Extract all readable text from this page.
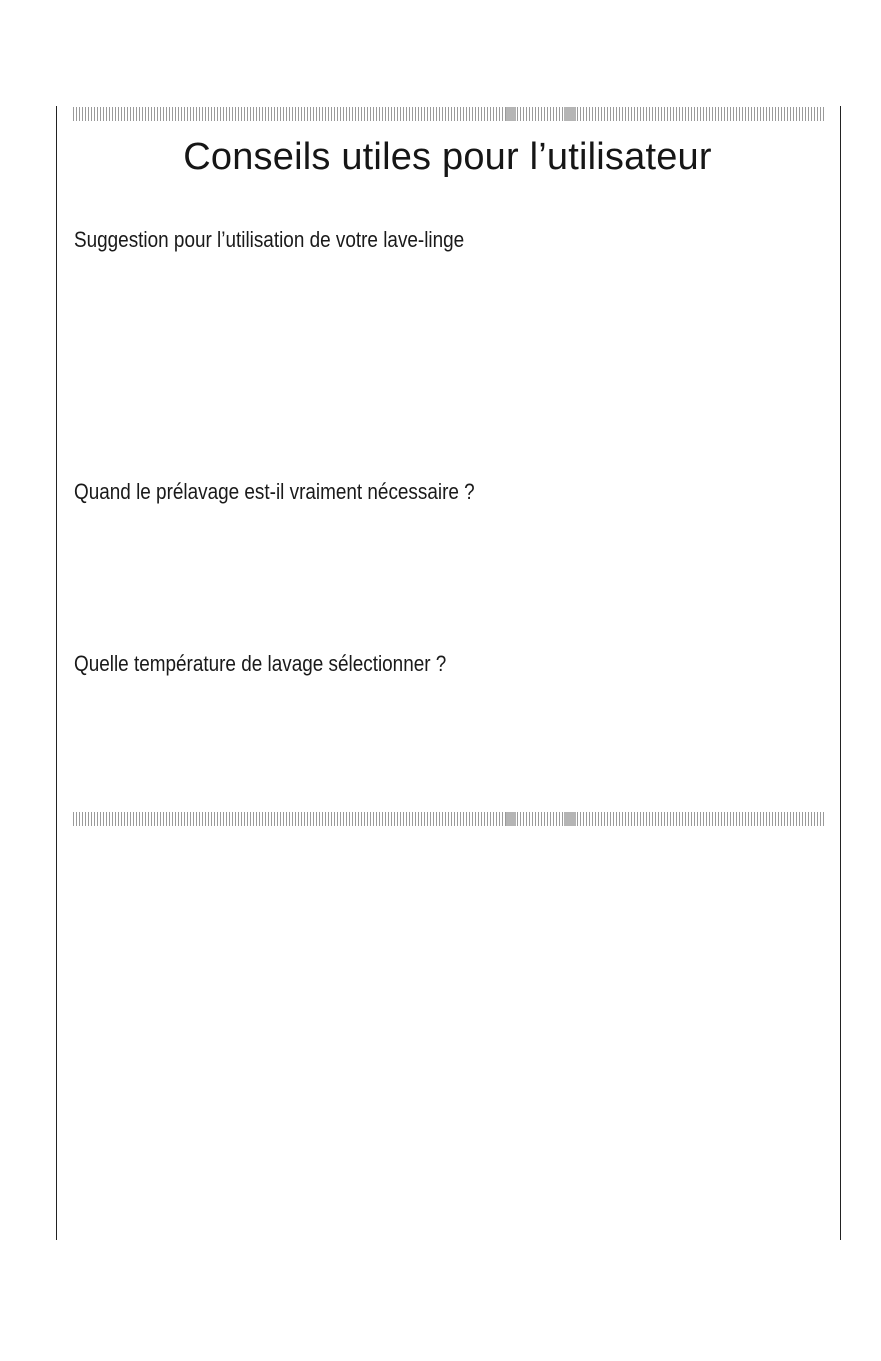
Conseils utiles pour l’utilisateur
Suggestion pour l’utilisation de votre lave-linge
Quand le prélavage est-il vraiment nécessaire ?
Quelle température de lavage sélectionner ?
